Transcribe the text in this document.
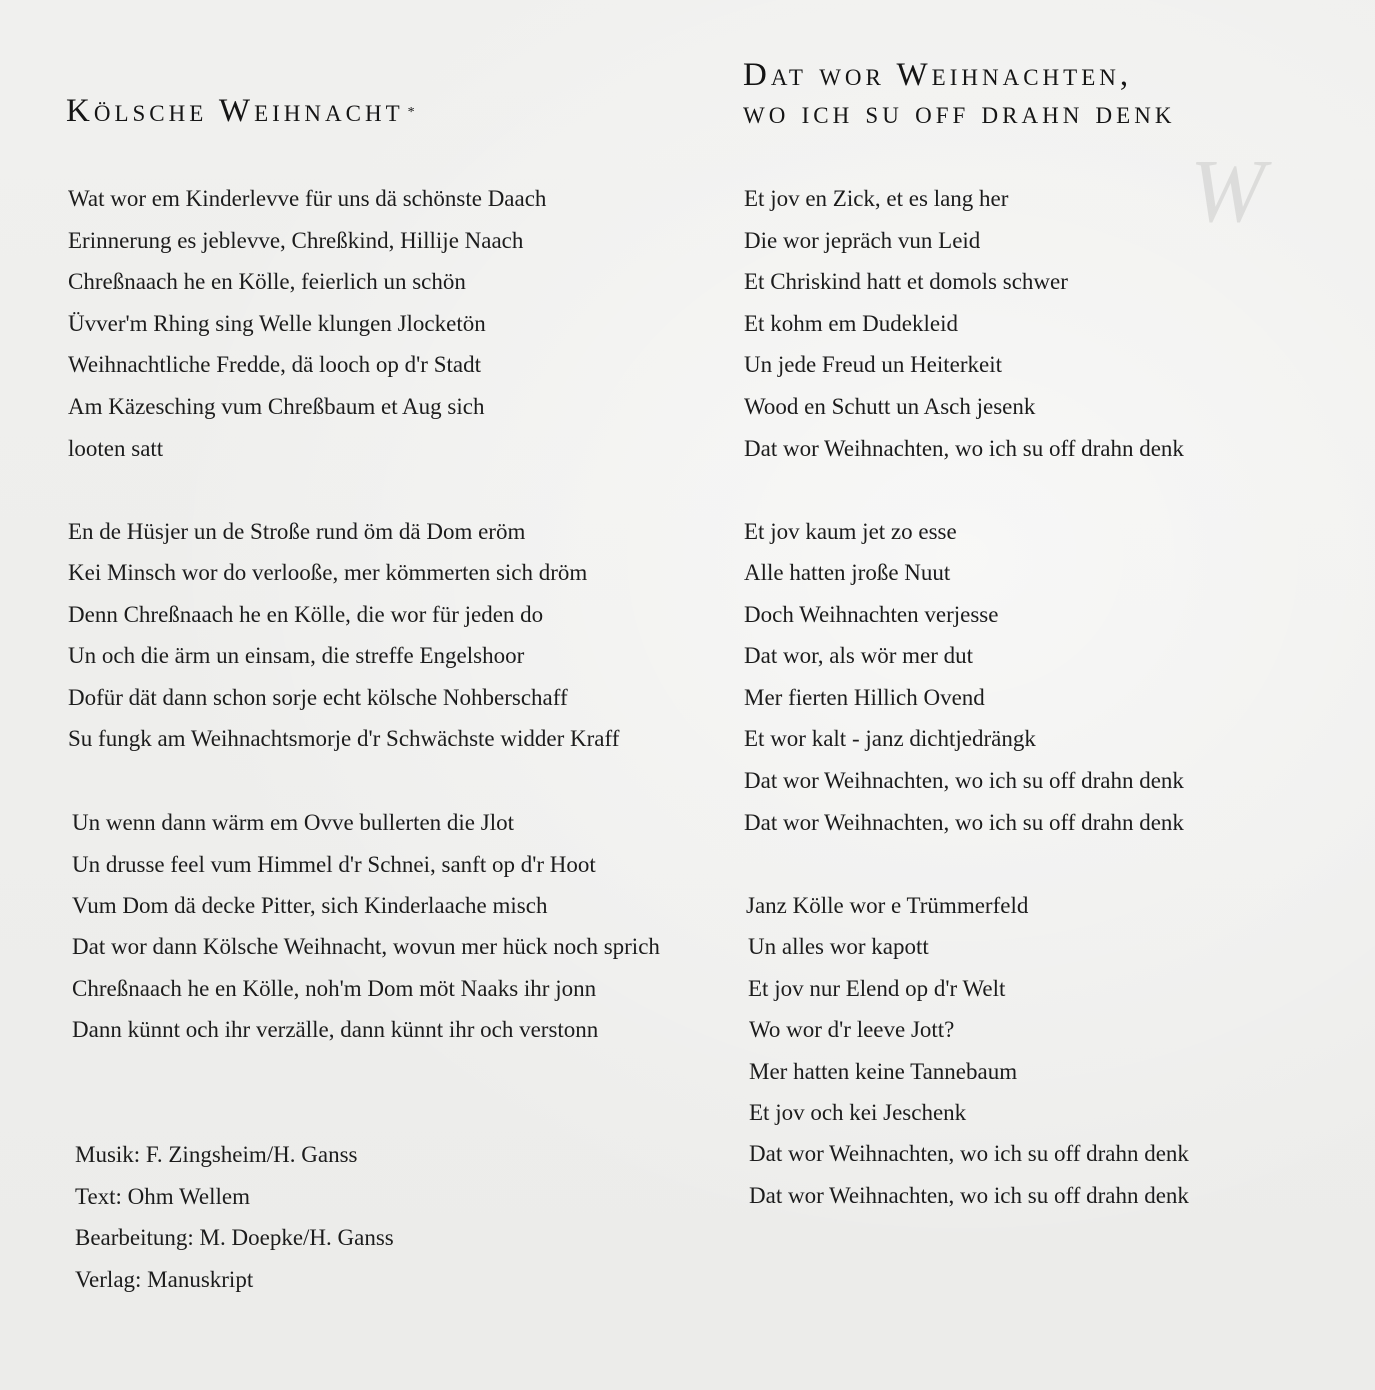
W
Kölsche Weihnacht *
Dat wor Weihnachten,
wo ich su off drahn denk
Wat wor em Kinderlevve für uns dä schönste Daach
Erinnerung es jeblevve, Chreßkind, Hillije Naach
Chreßnaach he en Kölle, feierlich un schön
Üvver'm Rhing sing Welle klungen Jlocketön
Weihnachtliche Fredde, dä looch op d'r Stadt
Am Käzesching vum Chreßbaum et Aug sich
looten satt
En de Hüsjer un de Stroße rund öm dä Dom eröm
Kei Minsch wor do verlooße, mer kömmerten sich dröm
Denn Chreßnaach he en Kölle, die wor für jeden do
Un och die ärm un einsam, die streffe Engelshoor
Dofür dät dann schon sorje echt kölsche Nohberschaff
Su fungk am Weihnachtsmorje d'r Schwächste widder Kraff
Un wenn dann wärm em Ovve bullerten die Jlot
Un drusse feel vum Himmel d'r Schnei, sanft op d'r Hoot
Vum Dom dä decke Pitter, sich Kinderlaache misch
Dat wor dann Kölsche Weihnacht, wovun mer hück noch sprich
Chreßnaach he en Kölle, noh'm Dom möt Naaks ihr jonn
Dann künnt och ihr verzälle, dann künnt ihr och verstonn
Et jov en Zick, et es lang her
Die wor jepräch vun Leid
Et Chriskind hatt et domols schwer
Et kohm em Dudekleid
Un jede Freud un Heiterkeit
Wood en Schutt un Asch jesenk
Dat wor Weihnachten, wo ich su off drahn denk
Et jov kaum jet zo esse
Alle hatten jroße Nuut
Doch Weihnachten verjesse
Dat wor, als wör mer dut
Mer fierten Hillich Ovend
Et wor kalt - janz dichtjedrängk
Dat wor Weihnachten, wo ich su off drahn denk
Dat wor Weihnachten, wo ich su off drahn denk
Janz Kölle wor e Trümmerfeld
Un alles wor kapott
Et jov nur Elend op d'r Welt
Wo wor d'r leeve Jott?
Mer hatten keine Tannebaum
Et jov och kei Jeschenk
Dat wor Weihnachten, wo ich su off drahn denk
Dat wor Weihnachten, wo ich su off drahn denk
Musik: F. Zingsheim/H. Ganss
Text: Ohm Wellem
Bearbeitung: M. Doepke/H. Ganss
Verlag: Manuskript
